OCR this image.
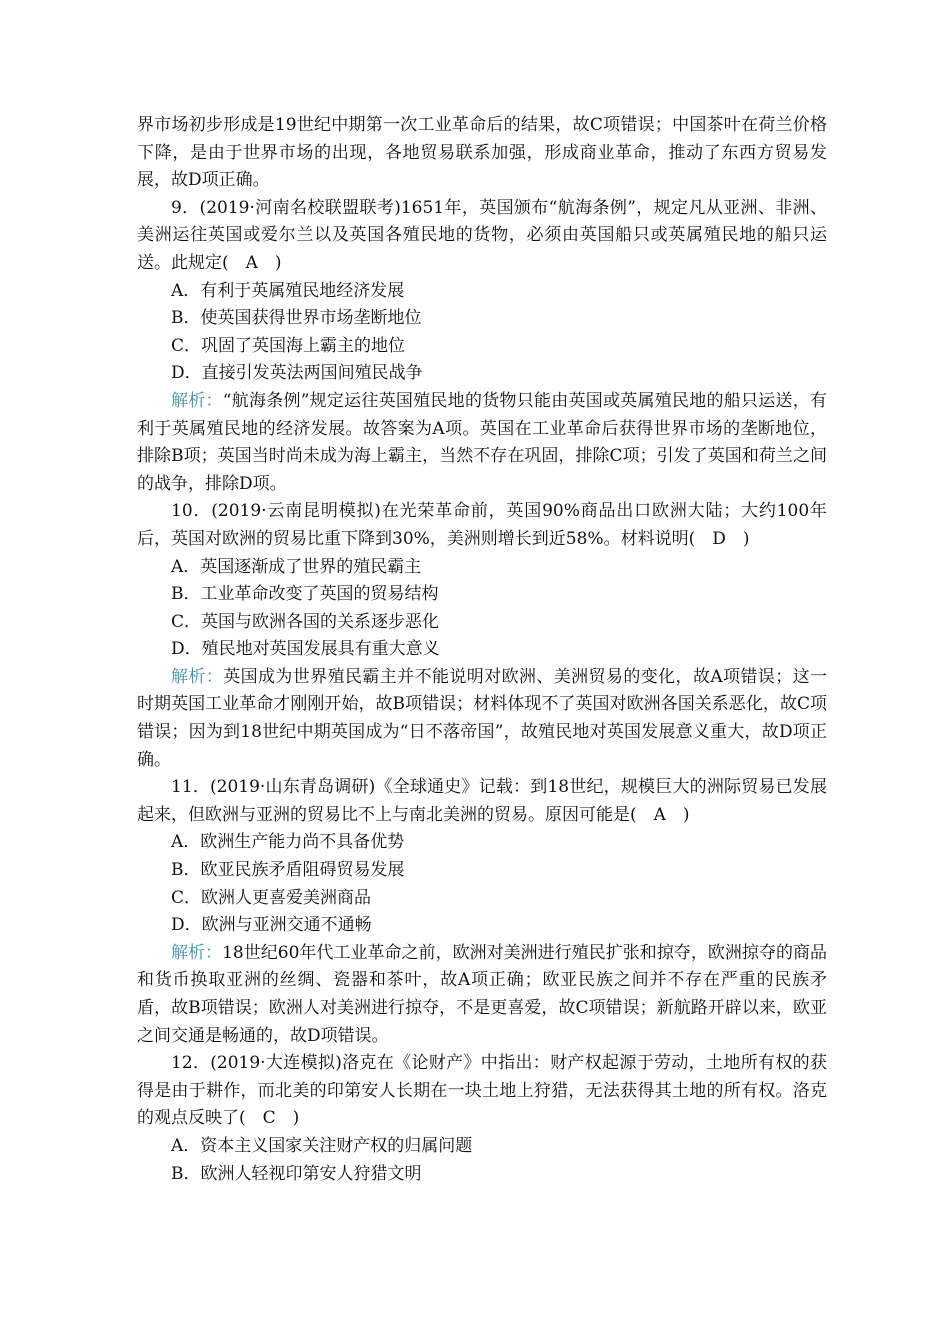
界市场初步形成是19世纪中期第一次工业革命后的结果，故C项错误；中国茶叶在荷兰价格下降，是由于世界市场的出现，各地贸易联系加强，形成商业革命，推动了东西方贸易发展，故D项正确。

9．(2019·河南名校联盟联考)1651年，英国颁布“航海条例”，规定凡从亚洲、非洲、美洲运往英国或爱尔兰以及英国各殖民地的货物，必须由英国船只或英属殖民地的船只运送。此规定(　A　)

A．有利于英属殖民地经济发展

B．使英国获得世界市场垄断地位

C．巩固了英国海上霸主的地位

D．直接引发英法两国间殖民战争

解析：“航海条例”规定运往英国殖民地的货物只能由英国或英属殖民地的船只运送，有利于英属殖民地的经济发展。故答案为A项。英国在工业革命后获得世界市场的垄断地位，排除B项；英国当时尚未成为海上霸主，当然不存在巩固，排除C项；引发了英国和荷兰之间的战争，排除D项。

10．(2019·云南昆明模拟)在光荣革命前，英国90%商品出口欧洲大陆；大约100年后，英国对欧洲的贸易比重下降到30%，美洲则增长到近58%。材料说明(　D　)

A．英国逐渐成了世界的殖民霸主

B．工业革命改变了英国的贸易结构

C．英国与欧洲各国的关系逐步恶化

D．殖民地对英国发展具有重大意义

解析：英国成为世界殖民霸主并不能说明对欧洲、美洲贸易的变化，故A项错误；这一时期英国工业革命才刚刚开始，故B项错误；材料体现不了英国对欧洲各国关系恶化，故C项错误；因为到18世纪中期英国成为“日不落帝国”，故殖民地对英国发展意义重大，故D项正确。

11．(2019·山东青岛调研)《全球通史》记载：到18世纪，规模巨大的洲际贸易已发展起来，但欧洲与亚洲的贸易比不上与南北美洲的贸易。原因可能是(　A　)

A．欧洲生产能力尚不具备优势

B．欧亚民族矛盾阻碍贸易发展

C．欧洲人更喜爱美洲商品

D．欧洲与亚洲交通不通畅

解析：18世纪60年代工业革命之前，欧洲对美洲进行殖民扩张和掠夺，欧洲掠夺的商品和货币换取亚洲的丝绸、瓷器和茶叶，故A项正确；欧亚民族之间并不存在严重的民族矛盾，故B项错误；欧洲人对美洲进行掠夺，不是更喜爱，故C项错误；新航路开辟以来，欧亚之间交通是畅通的，故D项错误。

12．(2019·大连模拟)洛克在《论财产》中指出：财产权起源于劳动，土地所有权的获得是由于耕作，而北美的印第安人长期在一块土地上狩猎，无法获得其土地的所有权。洛克的观点反映了(　C　)

A．资本主义国家关注财产权的归属问题

B．欧洲人轻视印第安人狩猎文明
